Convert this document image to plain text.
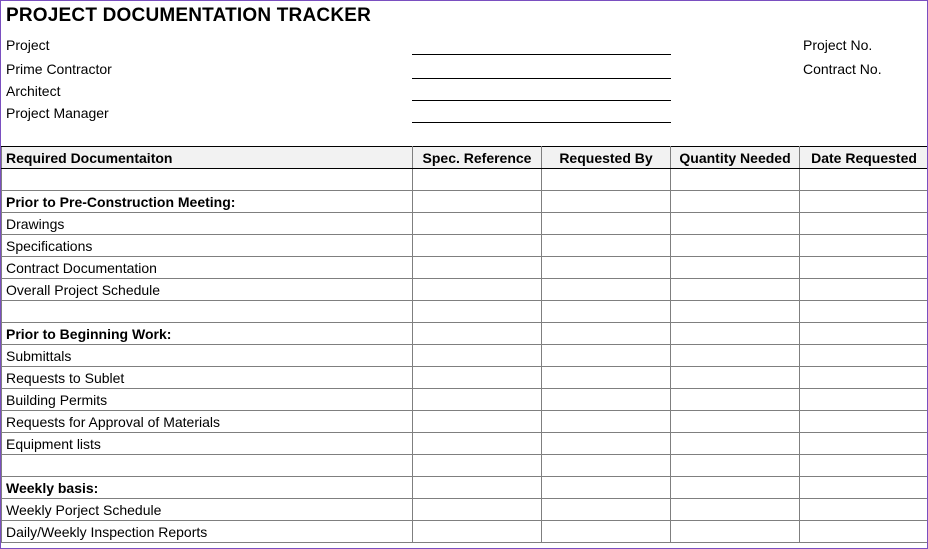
PROJECT DOCUMENTATION TRACKER
Project
Prime Contractor
Architect
Project Manager
Project No.
Contract No.
Required Documentaiton	Spec. Reference	Requested By	Quantity Needed	Date Requested

Prior to Pre-Construction Meeting:				
Drawings				
Specifications				
Contract Documentation				
Overall Project Schedule				

Prior to Beginning Work:				
Submittals				
Requests to Sublet				
Building Permits				
Requests for Approval of Materials				
Equipment lists				

Weekly basis:				
Weekly Porject Schedule				
Daily/Weekly Inspection Reports				
